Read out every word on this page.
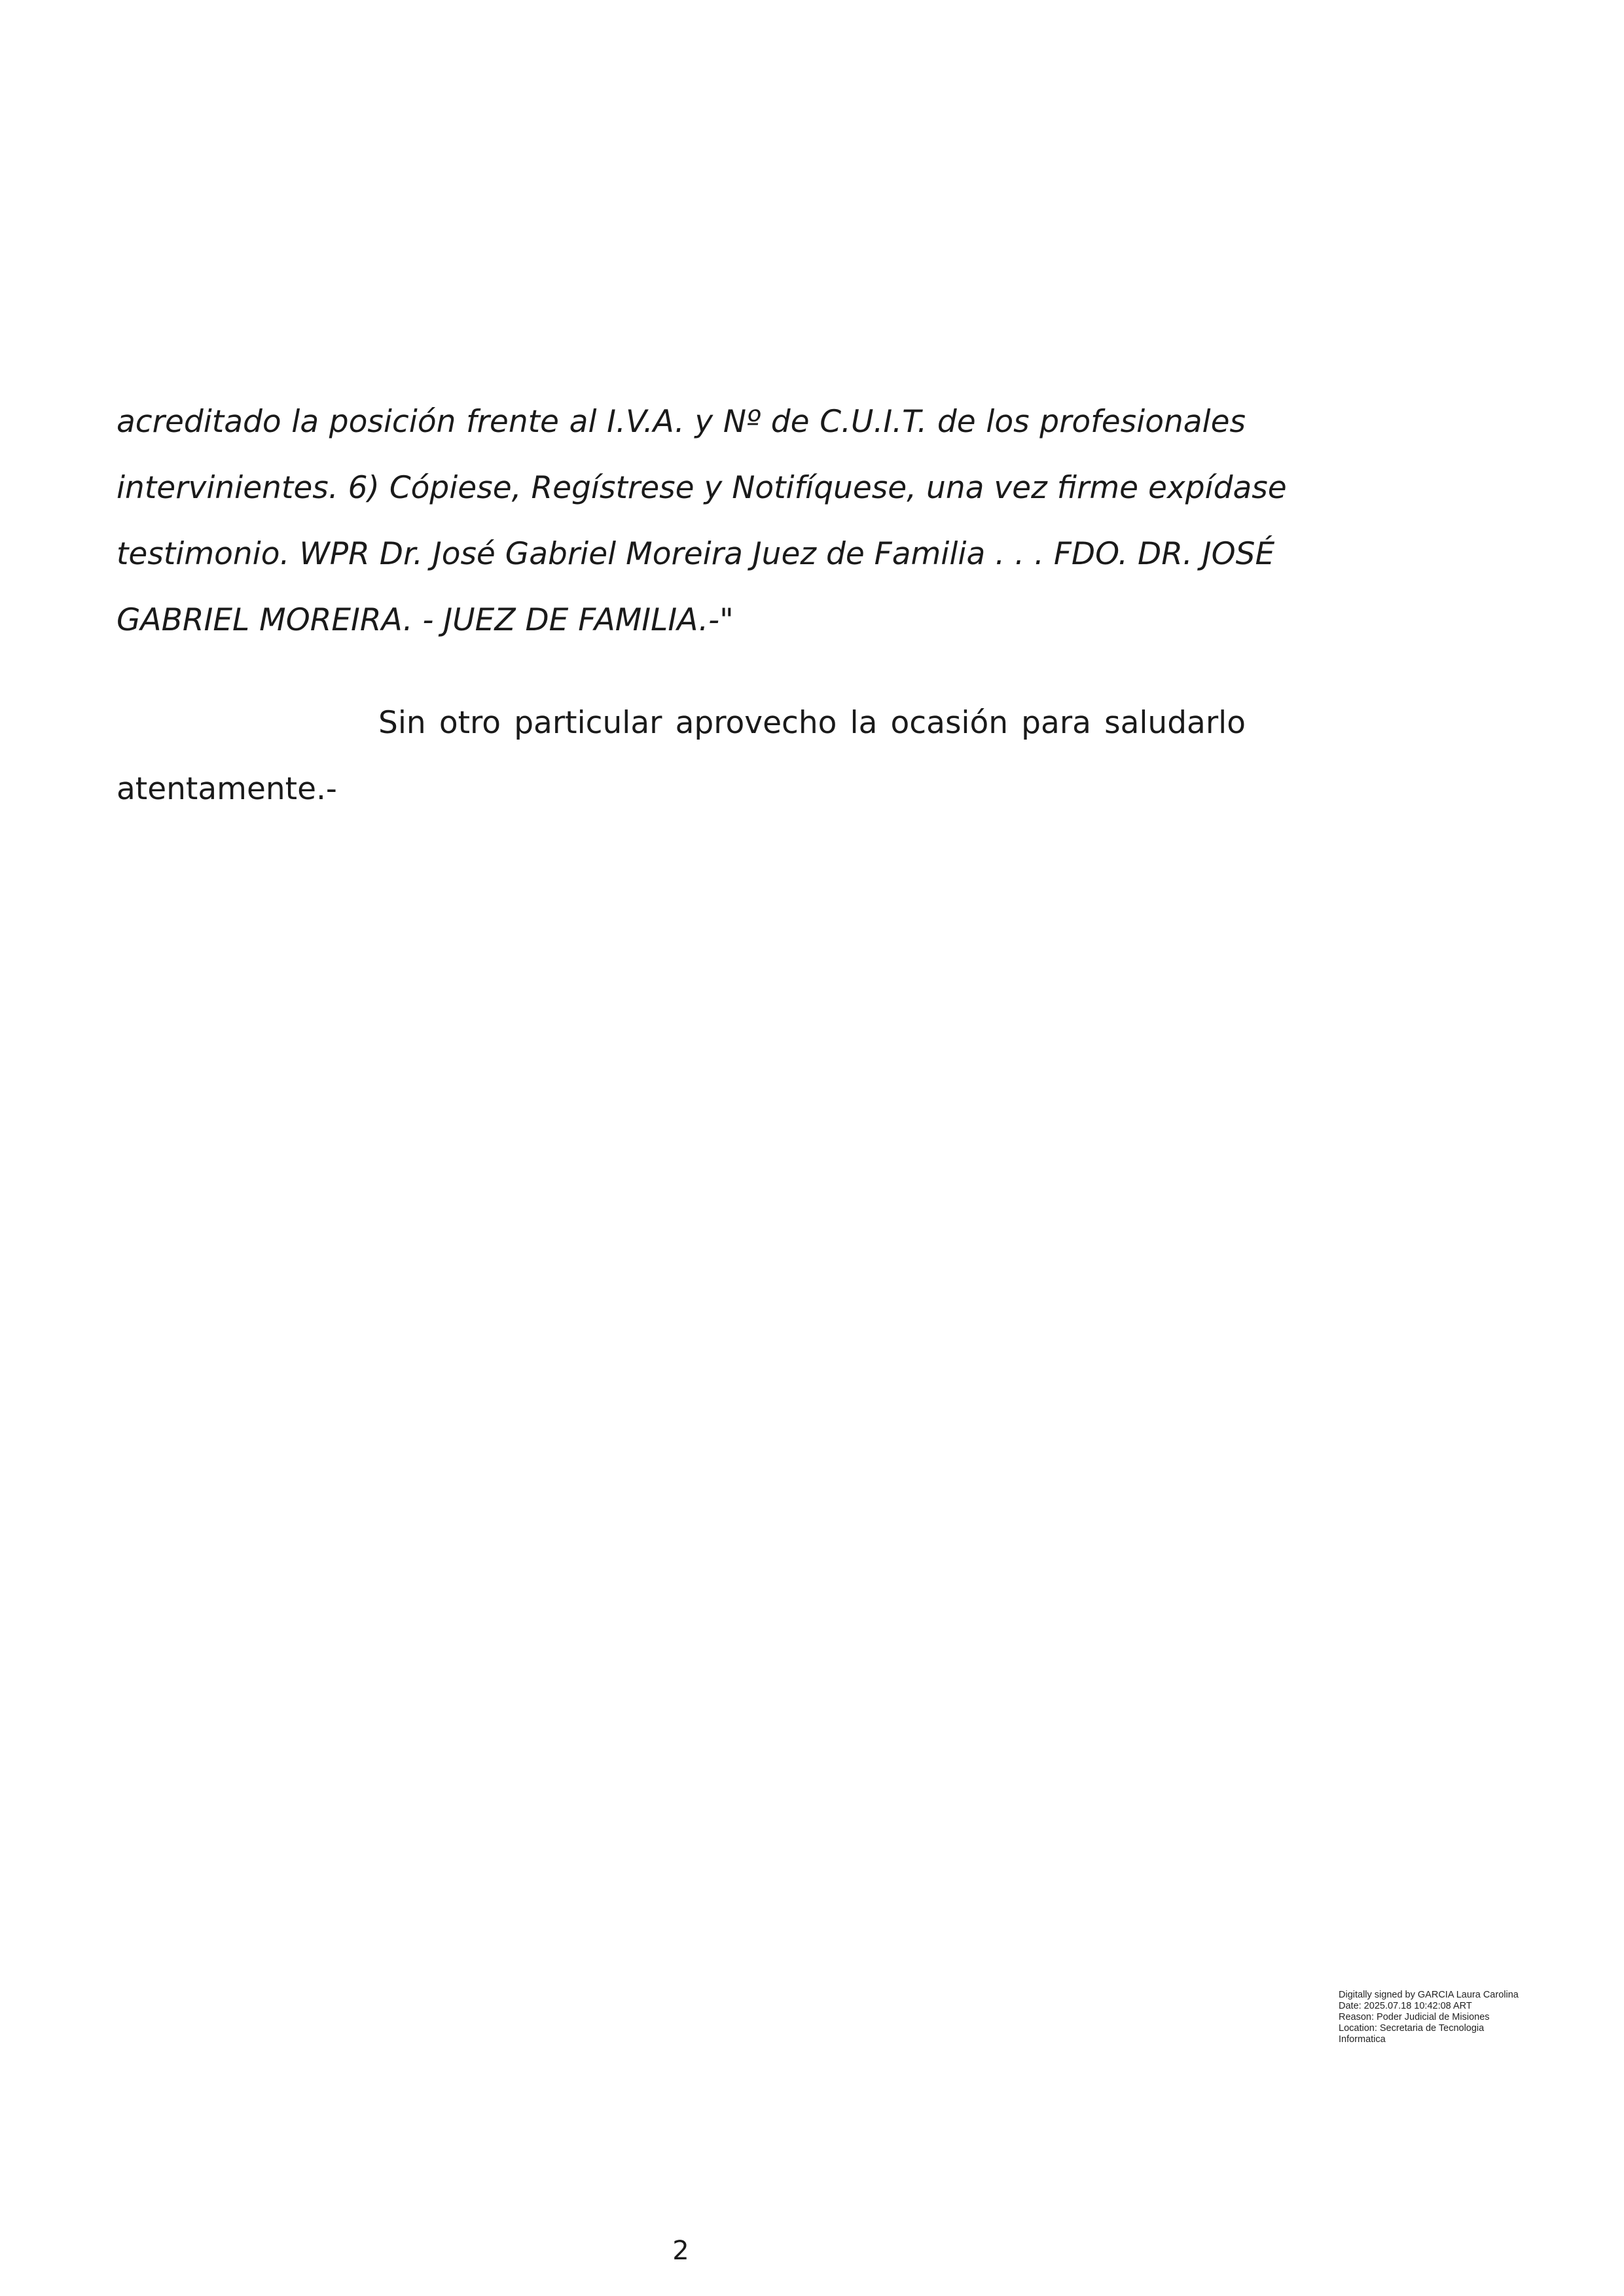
acreditado la posición frente al I.V.A. y Nº de C.U.I.T. de los profesionales
intervinientes. 6) Cópiese, Regístrese y Notifíquese, una vez firme expídase
testimonio. WPR Dr. José Gabriel Moreira Juez de Familia . . . FDO. DR. JOSÉ
GABRIEL MOREIRA. - JUEZ DE FAMILIA.-"
Sin otro particular aprovecho la ocasión para saludarlo
atentamente.-
Digitally signed by GARCIA Laura Carolina
Date: 2025.07.18 10:42:08 ART
Reason: Poder Judicial de Misiones
Location: Secretaria de Tecnologia
Informatica
2
